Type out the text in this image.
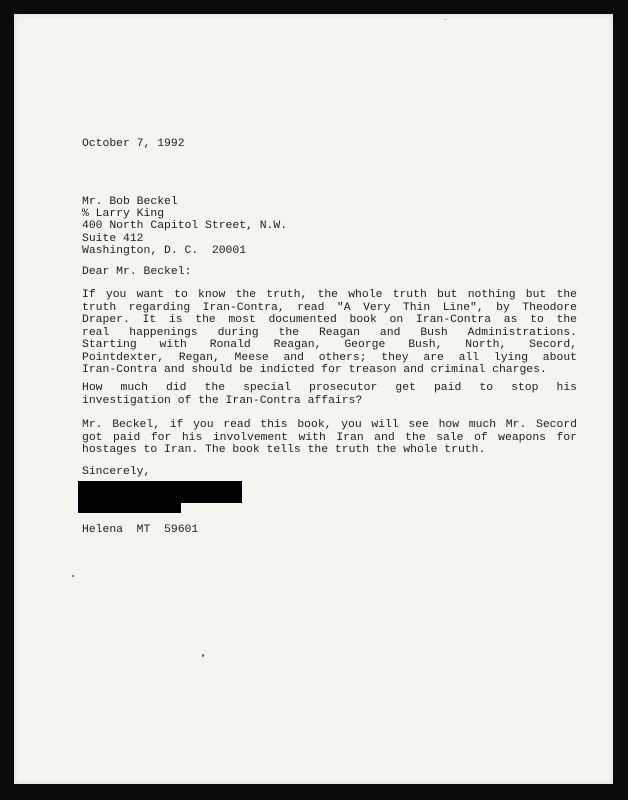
October 7, 1992
Mr. Bob Beckel
% Larry King
400 North Capitol Street, N.W.
Suite 412
Washington, D. C.  20001
Dear Mr. Beckel:
If you want to know the truth, the whole truth but nothing but the
truth regarding Iran-Contra, read "A Very Thin Line", by Theodore
Draper. It is the most documented book on Iran-Contra as to the
real happenings during the Reagan and Bush Administrations.
Starting with Ronald Reagan, George Bush, North, Secord,
Pointdexter, Regan, Meese and others; they are all lying about
Iran-Contra and should be indicted for treason and criminal charges.
How much did the special prosecutor get paid to stop his
investigation of the Iran-Contra affairs?
Mr. Beckel, if you read this book, you will see how much Mr. Secord
got paid for his involvement with Iran and the sale of weapons for
hostages to Iran. The book tells the truth the whole truth.
Sincerely,
Helena  MT  59601
